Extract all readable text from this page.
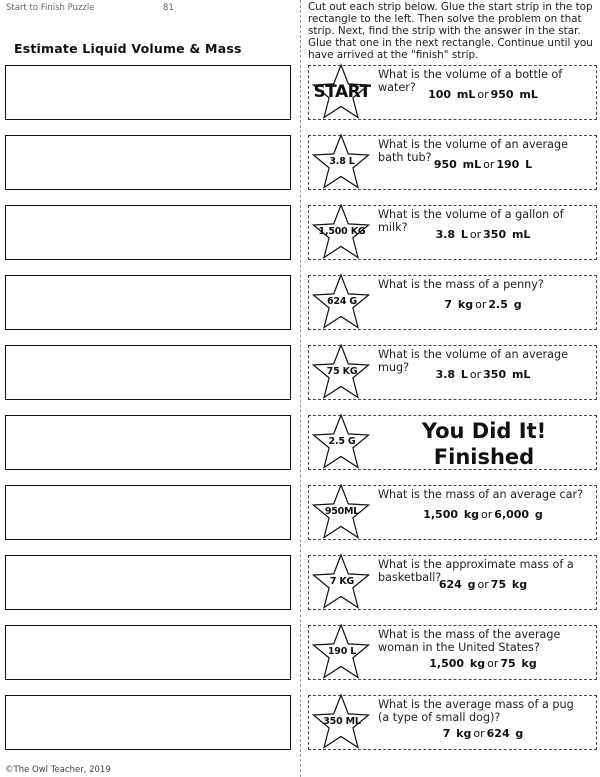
Start to Finish Puzzle	81
Estimate Liquid Volume & Mass
Cut out each strip below. Glue the start strip in the top rectangle to the left. Then solve the problem on that strip. Next, find the strip with the answer in the star. Glue that one in the next rectangle. Continue until you have arrived at the "finish" strip.
START
What is the volume of a bottle of water?
100 mL or 950 mL
3.8 L
What is the volume of an average bath tub?
950 mL or 190 L
1,500 KG
What is the volume of a gallon of milk?
3.8 L or 350 mL
624 G
What is the mass of a penny?
7 kg or 2.5 g
75 KG
What is the volume of an average mug?
3.8 L or 350 mL
2.5 G	You Did It!
Finished
950ML
What is the mass of an average car?
1,500 kg or 6,000 g
7 KG
What is the approximate mass of a basketball?
624 g or 75 kg
190 L
What is the mass of the average woman in the United States?
1,500 kg or 75 kg
350 ML
What is the average mass of a pug (a type of small dog)?
7 kg or 624 g
©The Owl Teacher, 2019
